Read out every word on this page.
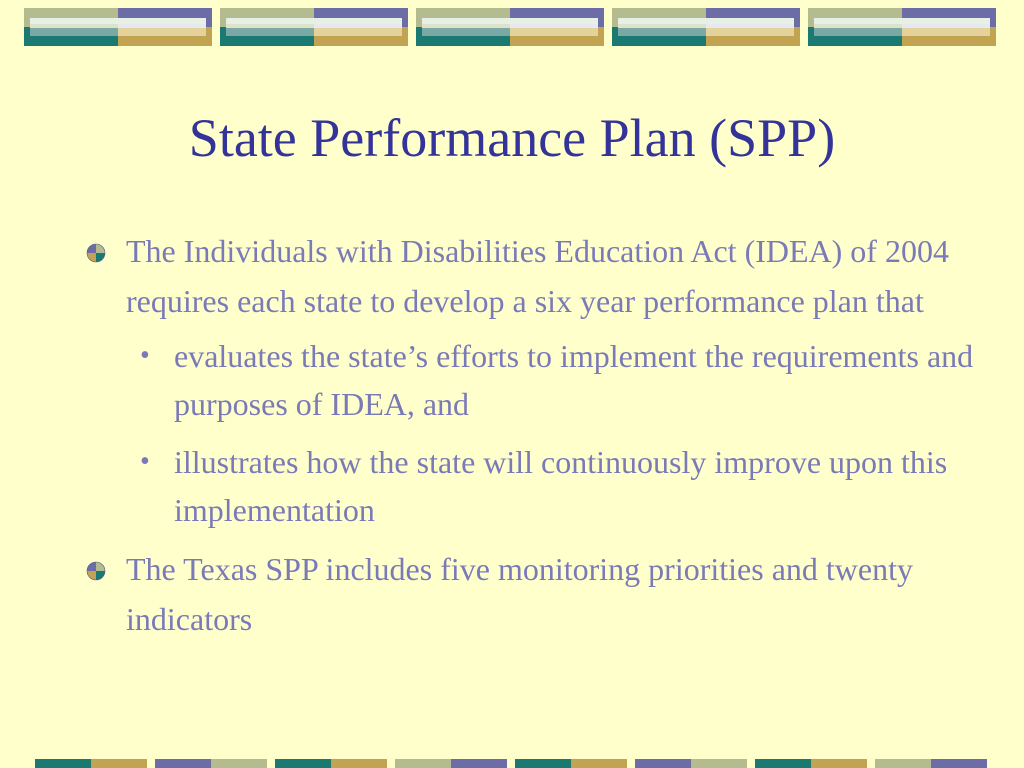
State Performance Plan (SPP)
The Individuals with Disabilities Education Act (IDEA) of 2004 requires each state to develop a six year performance plan that
• evaluates the state’s efforts to implement the requirements and purposes of IDEA, and
• illustrates how the state will continuously improve upon this implementation
The Texas SPP includes five monitoring priorities and twenty indicators
